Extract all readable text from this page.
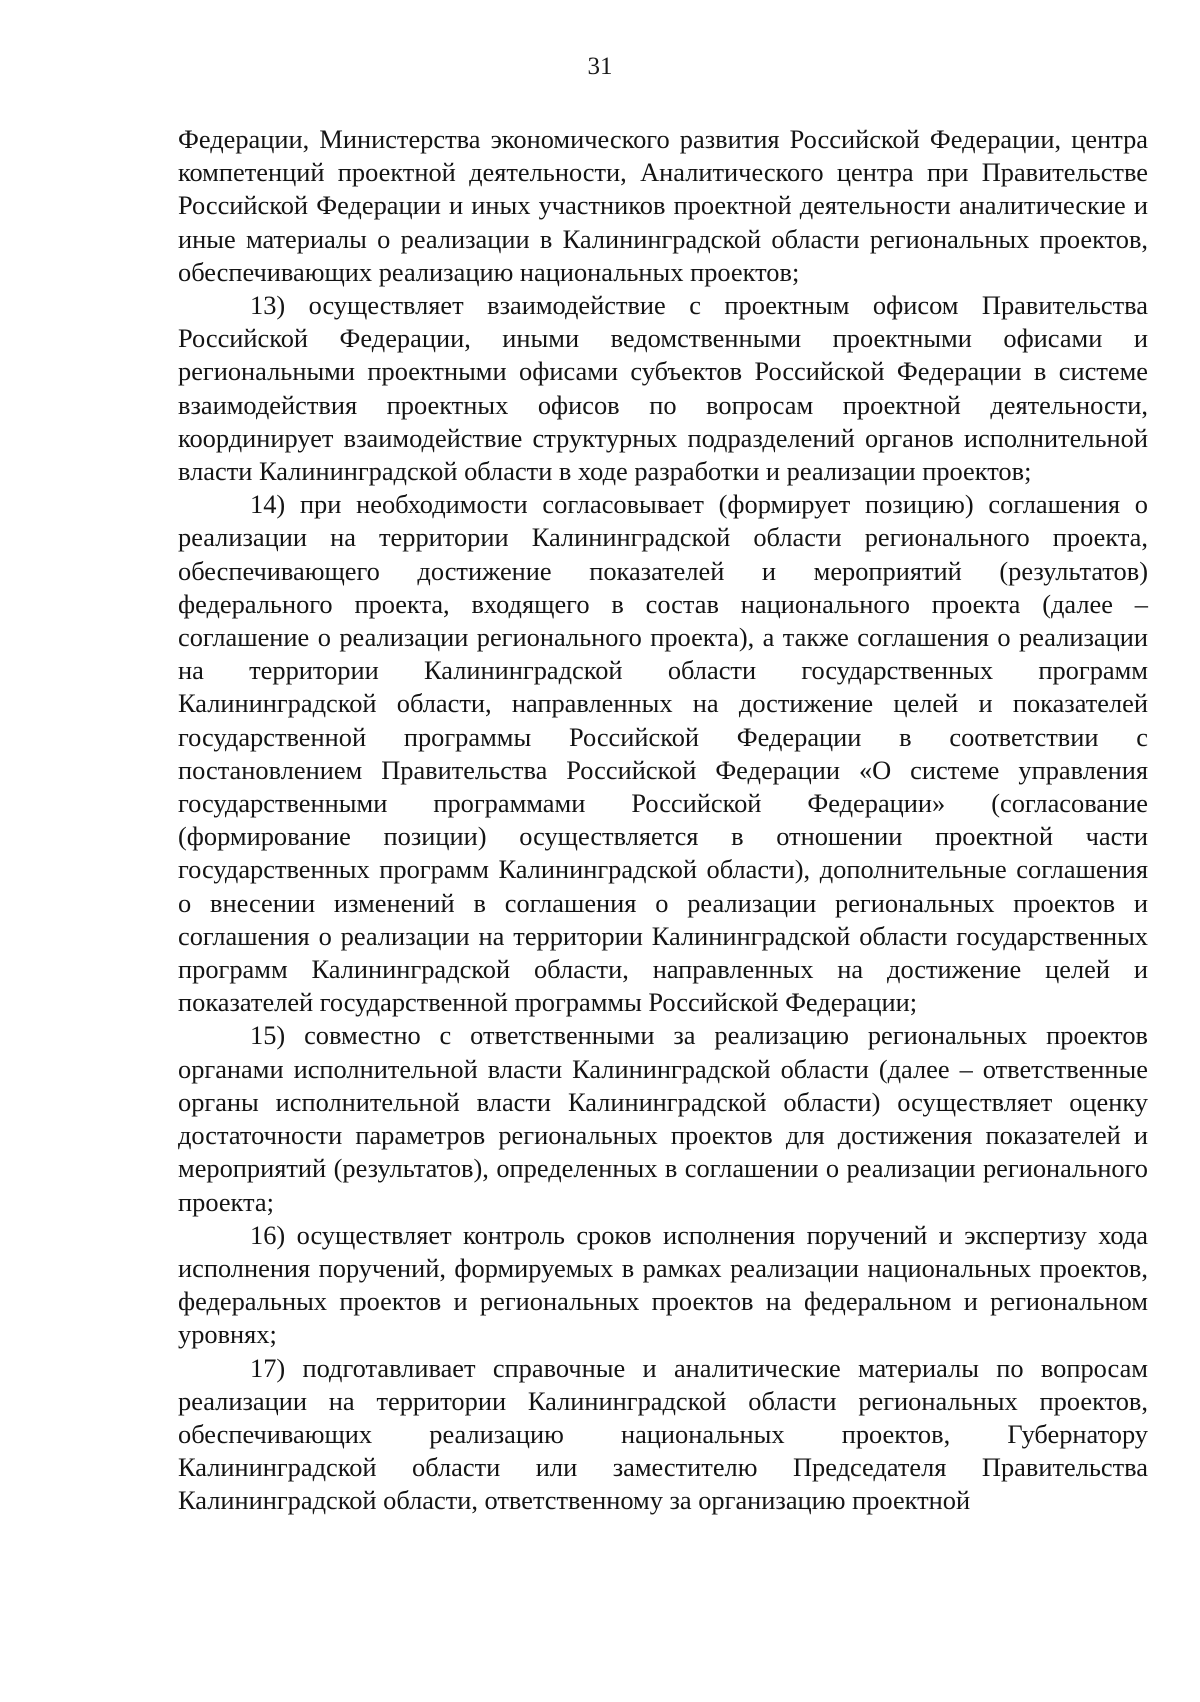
31

Федерации, Министерства экономического развития Российской Федерации, центра компетенций проектной деятельности, Аналитического центра при Правительстве Российской Федерации и иных участников проектной деятельности аналитические и иные материалы о реализации в Калининградской области региональных проектов, обеспечивающих реализацию национальных проектов;

13) осуществляет взаимодействие с проектным офисом Правительства Российской Федерации, иными ведомственными проектными офисами и региональными проектными офисами субъектов Российской Федерации в системе взаимодействия проектных офисов по вопросам проектной деятельности, координирует взаимодействие структурных подразделений органов исполнительной власти Калининградской области в ходе разработки и реализации проектов;

14) при необходимости согласовывает (формирует позицию) соглашения о реализации на территории Калининградской области регионального проекта, обеспечивающего достижение показателей и мероприятий (результатов) федерального проекта, входящего в состав национального проекта (далее – соглашение о реализации регионального проекта), а также соглашения о реализации на территории Калининградской области государственных программ Калининградской области, направленных на достижение целей и показателей государственной программы Российской Федерации в соответствии с постановлением Правительства Российской Федерации «О системе управления государственными программами Российской Федерации» (согласование (формирование позиции) осуществляется в отношении проектной части государственных программ Калининградской области), дополнительные соглашения о внесении изменений в соглашения о реализации региональных проектов и соглашения о реализации на территории Калининградской области государственных программ Калининградской области, направленных на достижение целей и показателей государственной программы Российской Федерации;

15) совместно с ответственными за реализацию региональных проектов органами исполнительной власти Калининградской области (далее – ответственные органы исполнительной власти Калининградской области) осуществляет оценку достаточности параметров региональных проектов для достижения показателей и мероприятий (результатов), определенных в соглашении о реализации регионального проекта;

16) осуществляет контроль сроков исполнения поручений и экспертизу хода исполнения поручений, формируемых в рамках реализации национальных проектов, федеральных проектов и региональных проектов на федеральном и региональном уровнях;

17) подготавливает справочные и аналитические материалы по вопросам реализации на территории Калининградской области региональных проектов, обеспечивающих реализацию национальных проектов, Губернатору Калининградской области или заместителю Председателя Правительства Калининградской области, ответственному за организацию проектной
